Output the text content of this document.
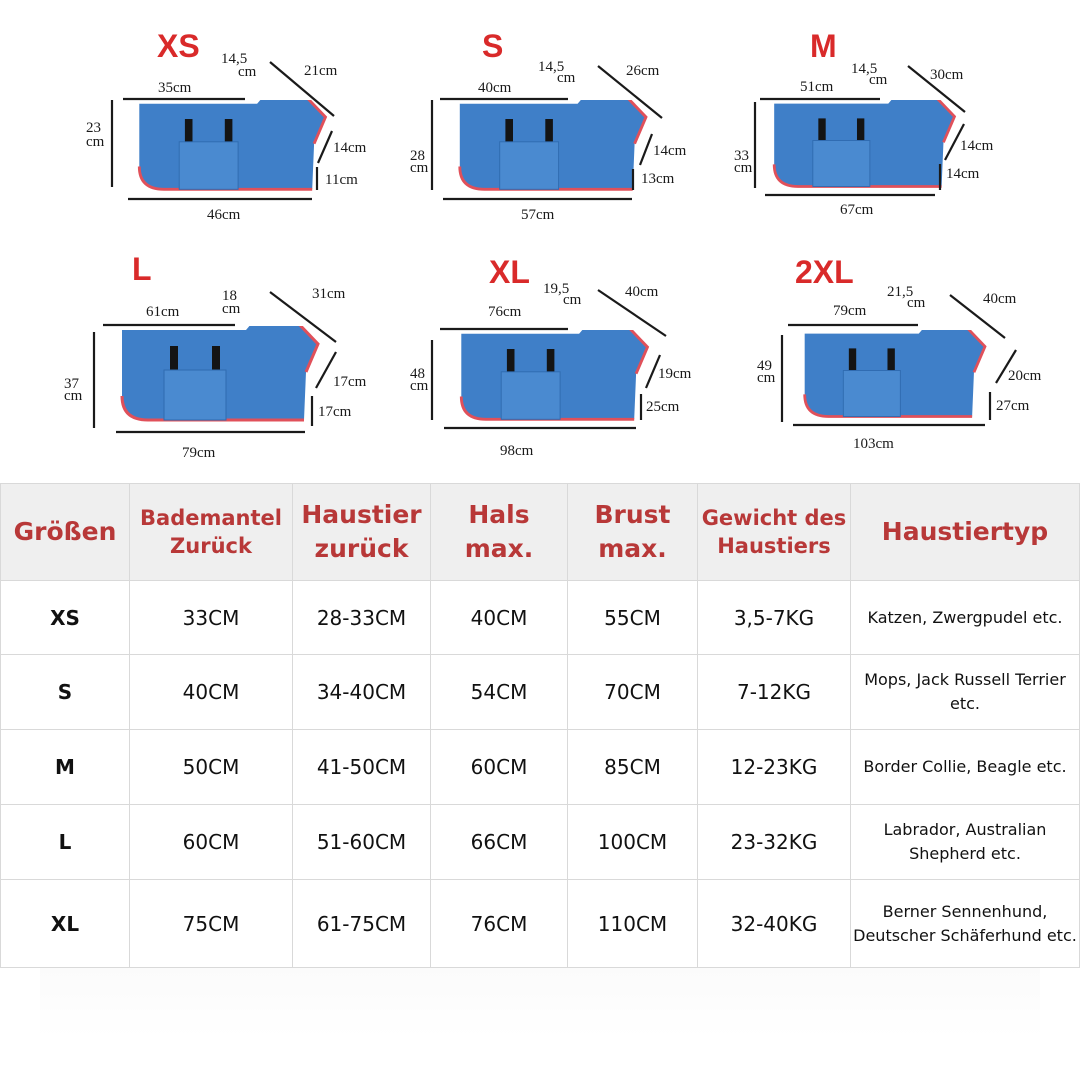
XS
35cm
14,5
cm	21cm
23
cm	14cm
11cm
46cm
S
40cm
14,5
cm	26cm
28
cm
14cm
13cm
57cm
M
51cm
14,5
cm	30cm
33
cm
14cm
14cm
67cm
L
61cm
18
cm
31cm
37
cm
17cm
17cm
79cm
XL
76cm
19,5
cm	40cm
48
cm
19cm
25cm
98cm
2XL
79cm
21,5
cm	40cm
49
cm	20cm
27cm
103cm
Größen	Bademantel Zurück	Haustier zurück	Hals max.	Brust max.	Gewicht des Haustiers	Haustiertyp
XS	33CM	28-33CM	40CM	55CM	3,5-7KG	Katzen, Zwergpudel etc.
S	40CM	34-40CM	54CM	70CM	7-12KG	Mops, Jack Russell Terrier etc.
M	50CM	41-50CM	60CM	85CM	12-23KG	Border Collie, Beagle etc.
L	60CM	51-60CM	66CM	100CM	23-32KG	Labrador, Australian Shepherd etc.
XL	75CM	61-75CM	76CM	110CM	32-40KG	Berner Sennenhund, Deutscher Schäferhund etc.
